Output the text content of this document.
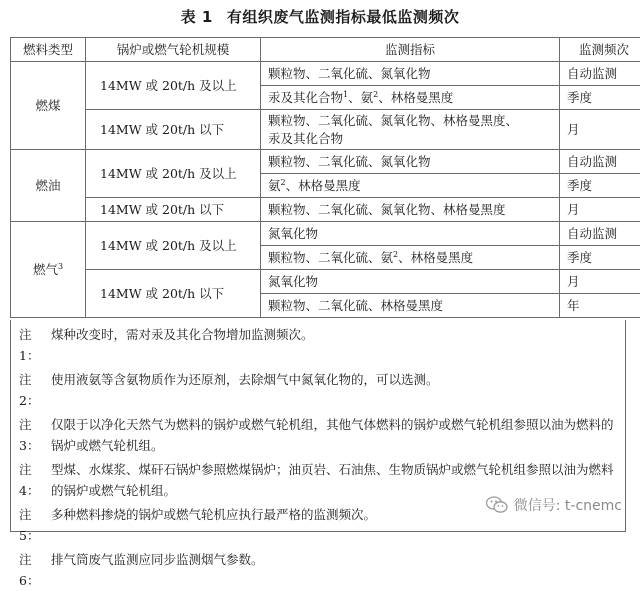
表 1 有组织废气监测指标最低监测频次
燃料类型	锅炉或燃气轮机规模	监测指标	监测频次
燃煤	14MW 或 20t/h 及以上	颗粒物、二氧化硫、氮氧化物	自动监测
		汞及其化合物$^1$、氨$^2$、林格曼黑度	季度
	14MW 或 20t/h 以下	颗粒物、二氧化硫、氮氧化物、林格曼黑度、
汞及其化合物	月
燃油	14MW 或 20t/h 及以上	颗粒物、二氧化硫、氮氧化物	自动监测
		氨$^2$、林格曼黑度	季度
	14MW 或 20t/h 以下	颗粒物、二氧化硫、氮氧化物、林格曼黑度	月
燃气$^3$	14MW 或 20t/h 及以上	氮氧化物	自动监测
		颗粒物、二氧化硫、氨$^2$、林格曼黑度	季度
	14MW 或 20t/h 以下	氮氧化物	月
		颗粒物、二氧化硫、林格曼黑度	年
注 1：
煤种改变时，需对汞及其化合物增加监测频次。
注 2：
使用液氨等含氨物质作为还原剂，去除烟气中氮氧化物的，可以选测。
注 3：
仅限于以净化天然气为燃料的锅炉或燃气轮机组，其他气体燃料的锅炉或燃气轮机组参照以油为燃料的锅炉或燃气轮机组。
注 4：
型煤、水煤浆、煤矸石锅炉参照燃煤锅炉；油页岩、石油焦、生物质锅炉或燃气轮机组参照以油为燃料的锅炉或燃气轮机组。
注 5：
多种燃料掺烧的锅炉或燃气轮机应执行最严格的监测频次。
注 6：
排气筒废气监测应同步监测烟气参数。
微信号: t-cnemc
